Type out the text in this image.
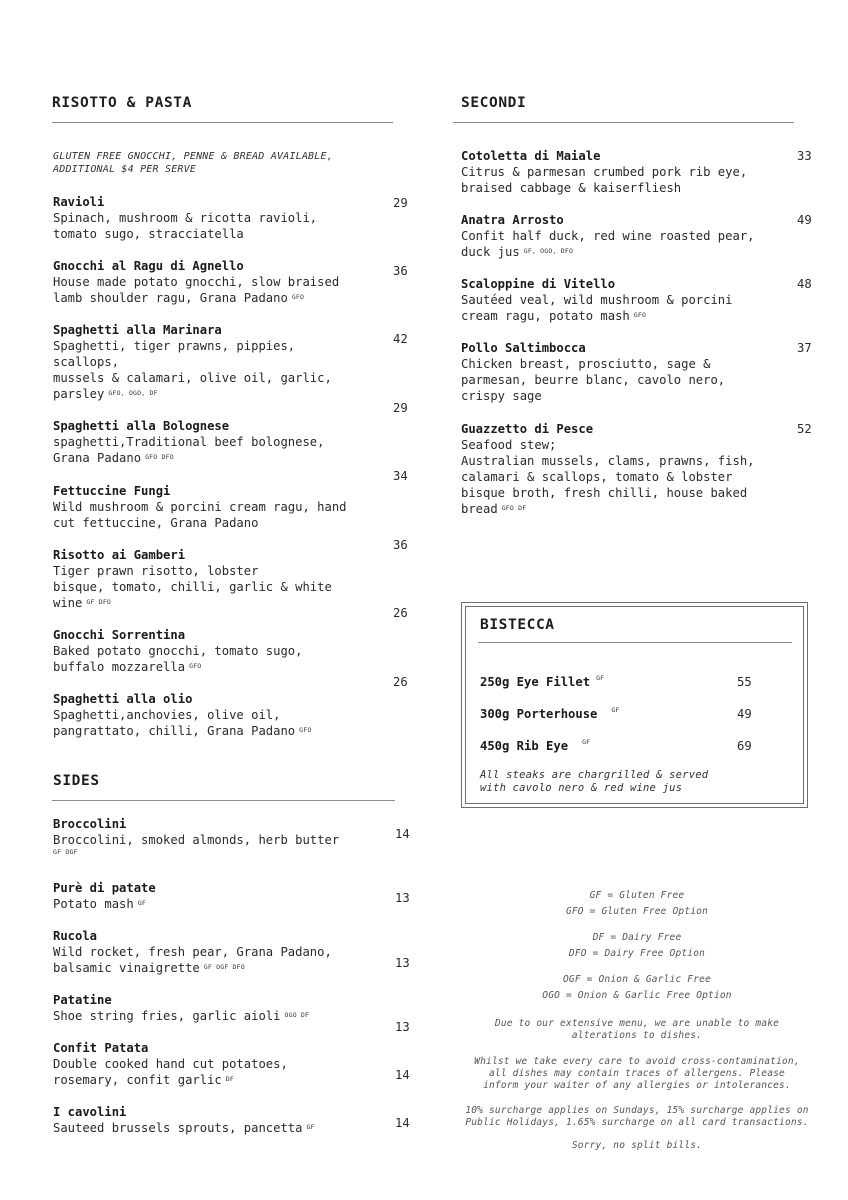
RISOTTO & PASTA
GLUTEN FREE GNOCCHI, PENNE & BREAD AVAILABLE,
ADDITIONAL $4 PER SERVE
Ravioli
Spinach, mushroom & ricotta ravioli,
tomato sugo, stracciatella
29
Gnocchi al Ragu di Agnello
House made potato gnocchi, slow braised
lamb shoulder ragu, Grana Padano $^{GFO}$
36
Spaghetti alla Marinara
Spaghetti, tiger prawns, pippies,
scallops,
mussels & calamari, olive oil, garlic,
parsley $^{GFO, OGO, DF}$
42
Spaghetti alla Bolognese
spaghetti,Traditional beef bolognese,
Grana Padano $^{GFO DFO}$
29
Fettuccine Fungi
Wild mushroom & porcini cream ragu, hand
cut fettuccine, Grana Padano
34
Risotto ai Gamberi
Tiger prawn risotto, lobster
bisque, tomato, chilli, garlic & white
wine $^{GF DFO}$
36
Gnocchi Sorrentina
Baked potato gnocchi, tomato sugo,
buffalo mozzarella $^{GFO}$
26
Spaghetti alla olio
Spaghetti,anchovies, olive oil,
pangrattato, chilli, Grana Padano $^{GFO}$
26
SIDES
Broccolini
Broccolini, smoked almonds, herb butter
GF OGF
14
Purè di patate
Potato mash $^{GF}$	13
Rucola
Wild rocket, fresh pear, Grana Padano,
balsamic vinaigrette $^{GF OGF DFO}$	13
Patatine
Shoe string fries, garlic aioli $^{OGO DF}$
13
Confit Patata
Double cooked hand cut potatoes,
rosemary, confit garlic $^{DF}$	14
I cavolini
Sauteed brussels sprouts, pancetta $^{GF}$	14
SECONDI
Cotoletta di Maiale
Citrus & parmesan crumbed pork rib eye,
braised cabbage & kaiserfliesh
33
Anatra Arrosto
Confit half duck, red wine roasted pear,
duck jus $^{GF, OGO, DFO}$
49
Scaloppine di Vitello
Sautéed veal, wild mushroom & porcini
cream ragu, potato mash $^{GFO}$
48
Pollo Saltimbocca
Chicken breast, prosciutto, sage &
parmesan, beurre blanc, cavolo nero,
crispy sage
37
Guazzetto di Pesce
Seafood stew;
Australian mussels, clams, prawns, fish,
calamari & scallops, tomato & lobster
bisque broth, fresh chilli, house baked
bread $^{GFO DF}$
52
BISTECCA
250g Eye Fillet $^{GF}$	55
300g Porterhouse $^{GF}$	49
450g Rib Eye $^{GF}$	69
All steaks are chargrilled & served
with cavolo nero & red wine jus
GF = Gluten Free
GFO = Gluten Free Option
DF = Dairy Free
DFO = Dairy Free Option
OGF = Onion & Garlic Free
OGO = Onion & Garlic Free Option
Due to our extensive menu, we are unable to make
alterations to dishes.
Whilst we take every care to avoid cross-contamination,
all dishes may contain traces of allergens. Please
inform your waiter of any allergies or intolerances.
10% surcharge applies on Sundays, 15% surcharge applies on
Public Holidays, 1.65% surcharge on all card transactions.
Sorry, no split bills.
